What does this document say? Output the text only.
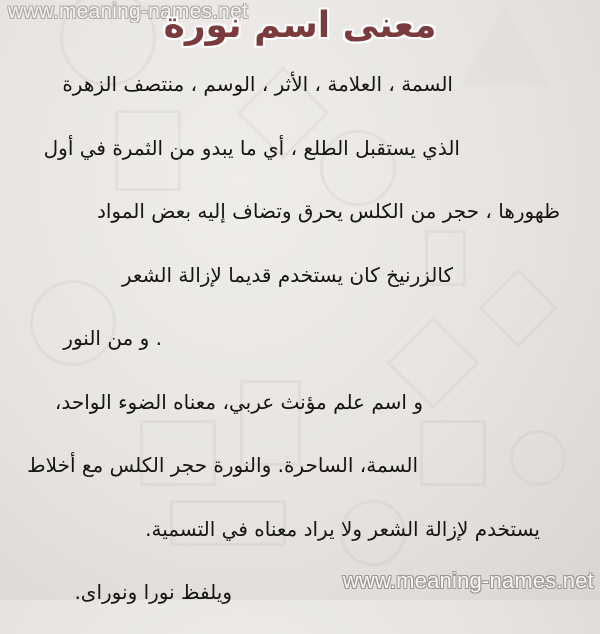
www.meaning-names.net
معنى اسم نورة
السمة ، العلامة ، الأثر ، الوسم ، منتصف الزهرة
الذي يستقبل الطلع ، أي ما يبدو من الثمرة في أول
ظهورها ، حجر من الكلس يحرق وتضاف إليه بعض المواد
كالزرنيخ كان يستخدم قديما لإزالة الشعر
. و من النور
و اسم علم مؤنث عربي، معناه الضوء الواحد،
السمة، الساحرة. والنورة حجر الكلس مع أخلاط
يستخدم لإزالة الشعر ولا يراد معناه في التسمية.
ويلفظ نورا ونوراى.	www.meaning-names.net
